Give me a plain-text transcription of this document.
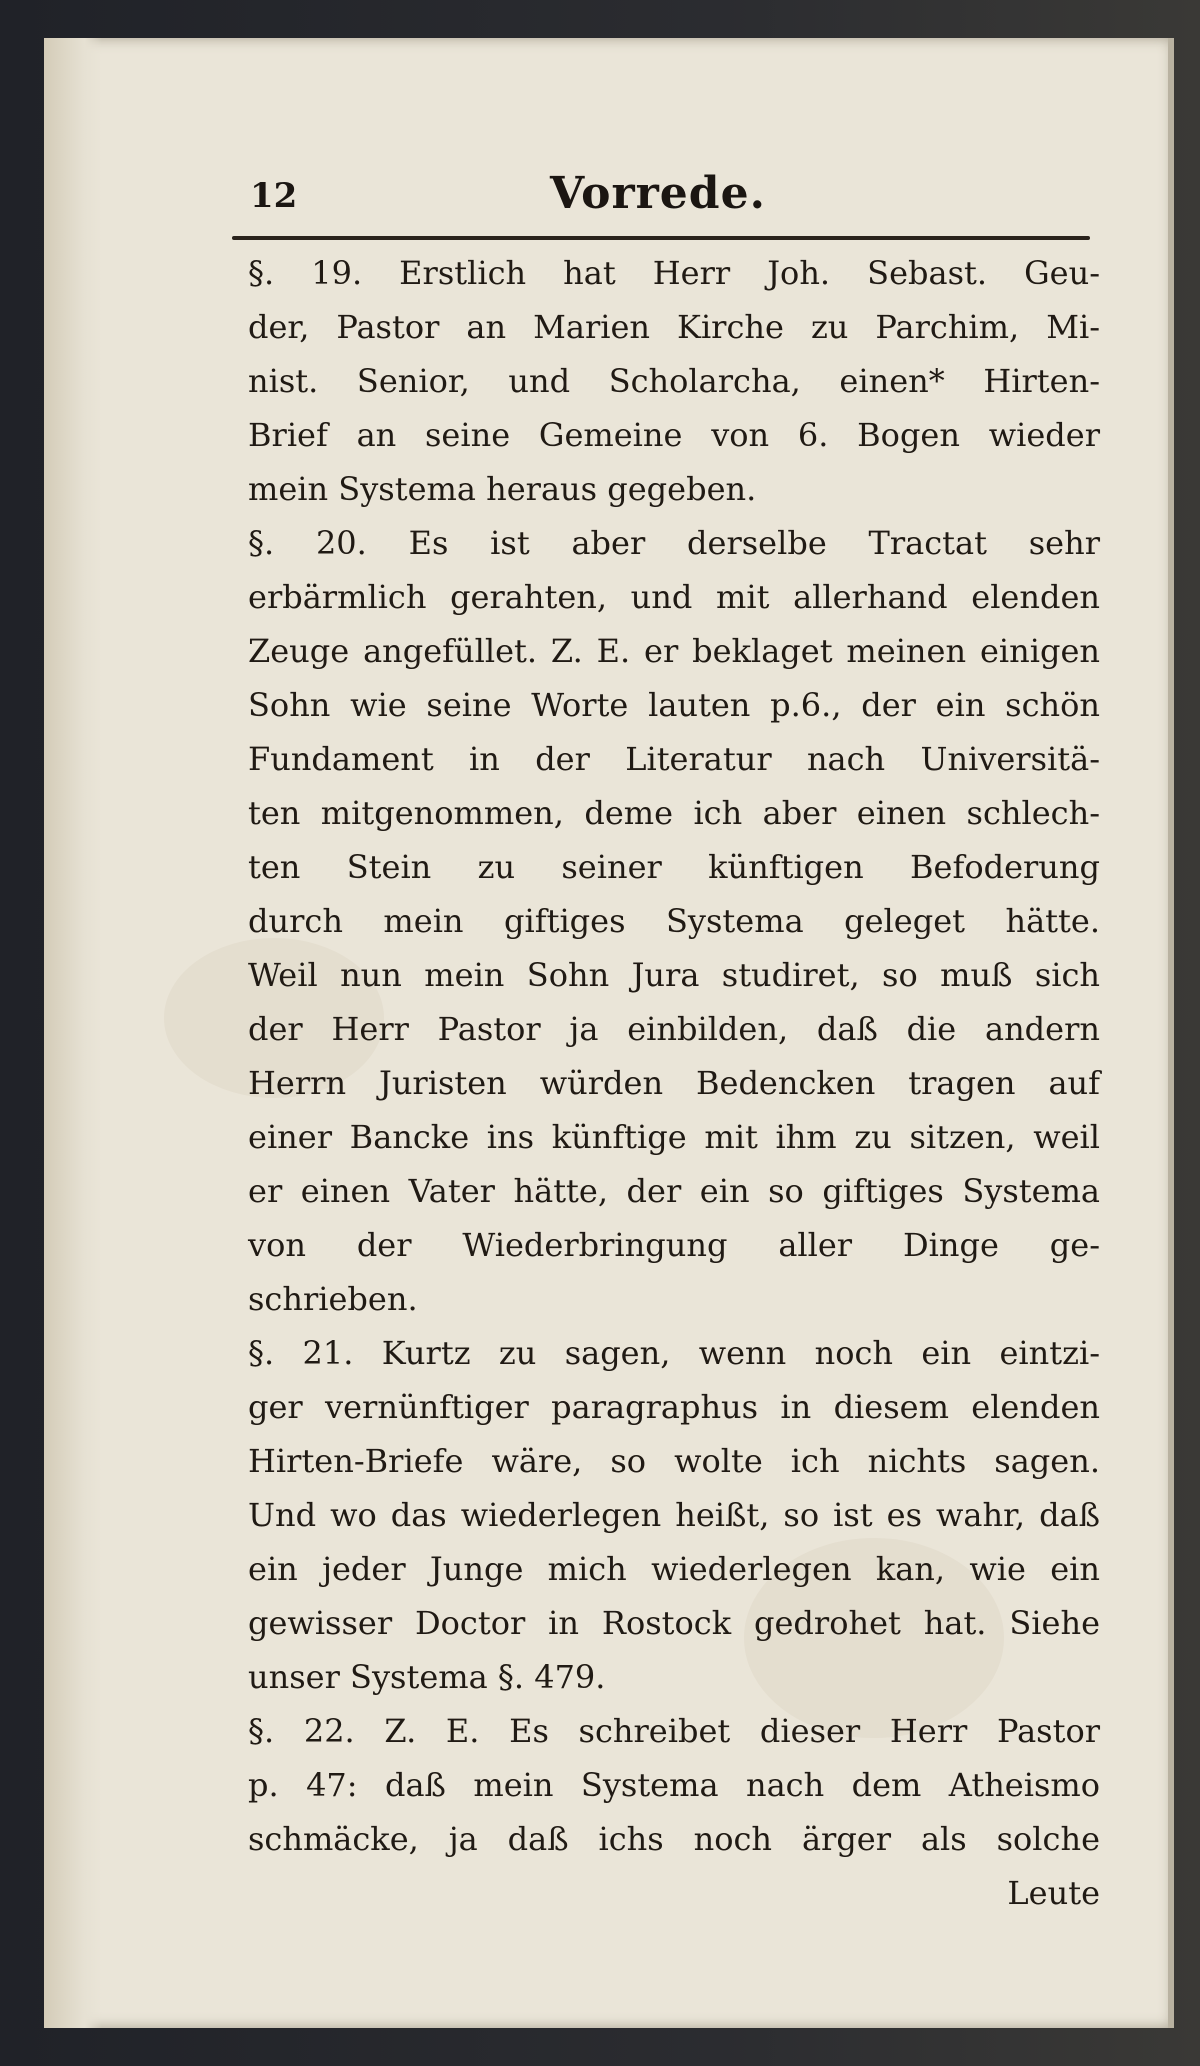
12	Vorrede.
§. 19. Erstlich hat Herr Joh. Sebast. Geu-
der, Pastor an Marien Kirche zu Parchim, Mi-
nist. Senior, und Scholarcha, einen* Hirten-
Brief an seine Gemeine von 6. Bogen wieder
mein Systema heraus gegeben.
§. 20. Es ist aber derselbe Tractat sehr
erbärmlich gerahten, und mit allerhand elenden
Zeuge angefüllet. Z. E. er beklaget meinen einigen
Sohn wie seine Worte lauten p.6., der ein schön
Fundament in der Literatur nach Universitä-
ten mitgenommen, deme ich aber einen schlech-
ten Stein zu seiner künftigen Befoderung
durch mein giftiges Systema geleget hätte.
Weil nun mein Sohn Jura studiret, so muß sich
der Herr Pastor ja einbilden, daß die andern
Herrn Juristen würden Bedencken tragen auf
einer Bancke ins künftige mit ihm zu sitzen, weil
er einen Vater hätte, der ein so giftiges Systema
von der Wiederbringung aller Dinge ge-
schrieben.
§. 21. Kurtz zu sagen, wenn noch ein eintzi-
ger vernünftiger paragraphus in diesem elenden
Hirten-Briefe wäre, so wolte ich nichts sagen.
Und wo das wiederlegen heißt, so ist es wahr, daß
ein jeder Junge mich wiederlegen kan, wie ein
gewisser Doctor in Rostock gedrohet hat. Siehe
unser Systema §. 479.
§. 22. Z. E. Es schreibet dieser Herr Pastor
p. 47: daß mein Systema nach dem Atheismo
schmäcke, ja daß ichs noch ärger als solche
Leute
